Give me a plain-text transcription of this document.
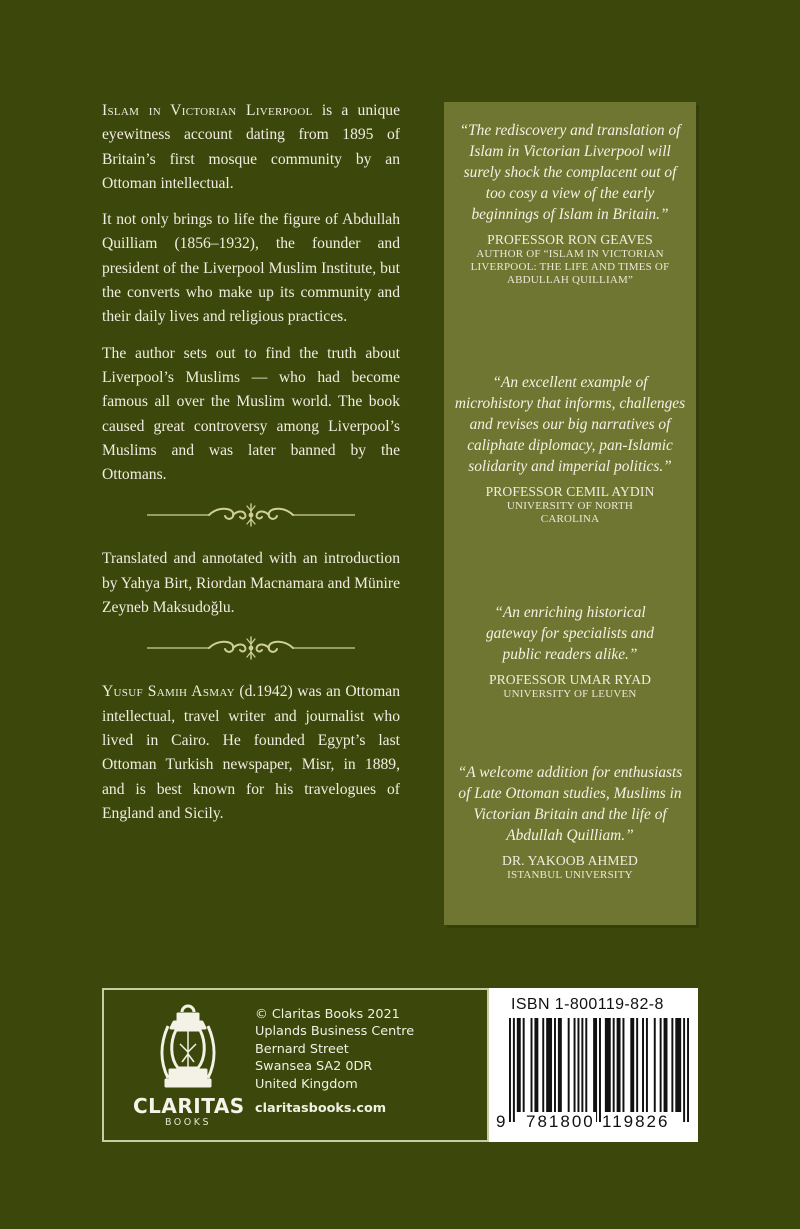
Islam in Victorian Liverpool is a unique eyewitness account dating from 1895 of Britain’s first mosque community by an Ottoman intellectual.

It not only brings to life the figure of Abdullah Quilliam (1856–1932), the founder and president of the Liverpool Muslim Institute, but the converts who make up its community and their daily lives and religious practices.

The author sets out to find the truth about Liverpool’s Muslims — who had become famous all over the Muslim world. The book caused great controversy among Liverpool’s Muslims and was later banned by the Ottomans.

Translated and annotated with an introduction by Yahya Birt, Riordan Macnamara and Münire Zeyneb Maksudoğlu.

Yusuf Samih Asmay (d.1942) was an Ottoman intellectual, travel writer and journalist who lived in Cairo. He founded Egypt’s last Ottoman Turkish newspaper, Misr, in 1889, and is best known for his travelogues of England and Sicily.

“The rediscovery and translation of Islam in Victorian Liverpool will surely shock the complacent out of too cosy a view of the early beginnings of Islam in Britain.”
PROFESSOR RON GEAVES
AUTHOR OF “ISLAM IN VICTORIAN LIVERPOOL: THE LIFE AND TIMES OF ABDULLAH QUILLIAM”
“An excellent example of microhistory that informs, challenges and revises our big narratives of caliphate diplomacy, pan-Islamic solidarity and imperial politics.”
PROFESSOR CEMIL AYDIN
UNIVERSITY OF NORTH CAROLINA
“An enriching historical gateway for specialists and public readers alike.”
PROFESSOR UMAR RYAD
UNIVERSITY OF LEUVEN
“A welcome addition for enthusiasts of Late Ottoman studies, Muslims in Victorian Britain and the life of Abdullah Quilliam.”
DR. YAKOOB AHMED
ISTANBUL UNIVERSITY
CLARITAS
BOOKS
© Claritas Books 2021
Uplands Business Centre
Bernard Street
Swansea SA2 0DR
United Kingdom
claritasbooks.com
ISBN 1-800119-82-8
9 781800 119826
